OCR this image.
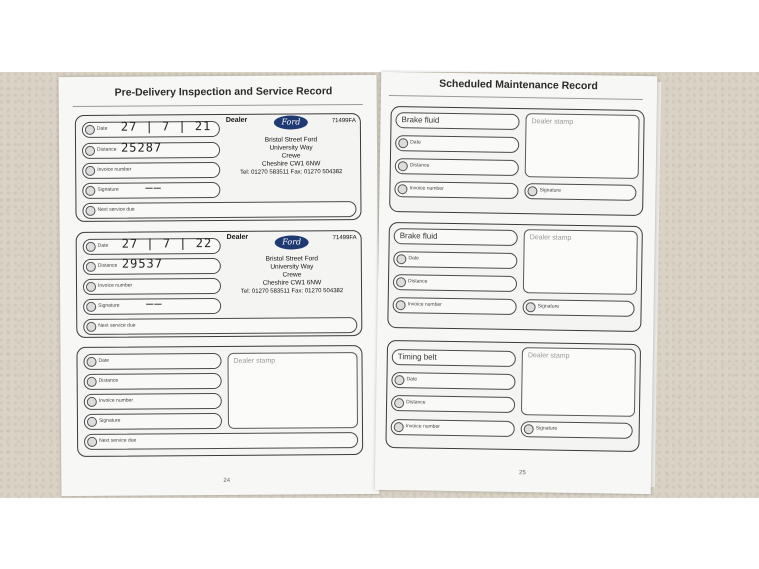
Pre-Delivery Inspection and Service Record
Date 27 | 7 | 21
Distance 25287
Invoice number
Signature ——
Next service due
Dealer	Ford	71499FA
Bristol Street Ford
University Way
Crewe
Cheshire CW1 6NW
Tel: 01270 583511 Fax: 01270 504382
Date 27 | 7 | 22
Distance 29537
Invoice number
Signature ——
Next service due
Dealer
Ford	71499FA
Bristol Street Ford
University Way
Crewe
Cheshire CW1 6NW
Tel: 01270 583511 Fax: 01270 504382
Date
Distance
Invoice number
Signature
Next service due
Dealer stamp
24
Scheduled Maintenance Record
Brake fluid
Date
Distance
Invoice number	Signature
Dealer stamp
Brake fluid
Date
Distance
Invoice number	Signature
Dealer stamp
Timing belt
Date
Distance
Invoice number	Signature
Dealer stamp
25
